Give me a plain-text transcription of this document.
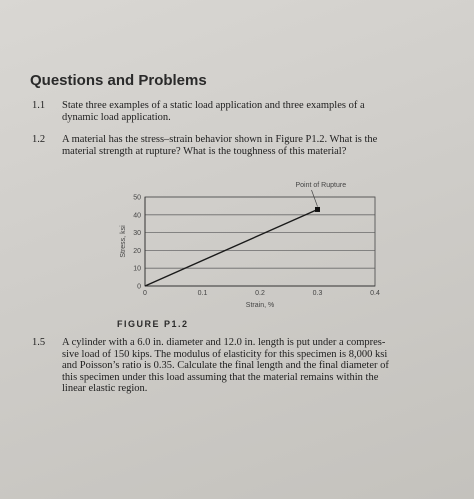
Questions and Problems
1.1 State three examples of a static load application and three examples of a
dynamic load application.
1.2 A material has the stress–strain behavior shown in Figure P1.2. What is the
material strength at rupture? What is the toughness of this material?
0
10
20
30
40
50
0	0.1	0.2	0.3	0.4
Strain, %
Stress, ksi
Point of Rupture

FIGURE P1.2

1.5 A cylinder with a 6.0 in. diameter and 12.0 in. length is put under a compres-
sive load of 150 kips. The modulus of elasticity for this specimen is 8,000 ksi
and Poisson’s ratio is 0.35. Calculate the final length and the final diameter of
this specimen under this load assuming that the material remains within the
linear elastic region.
